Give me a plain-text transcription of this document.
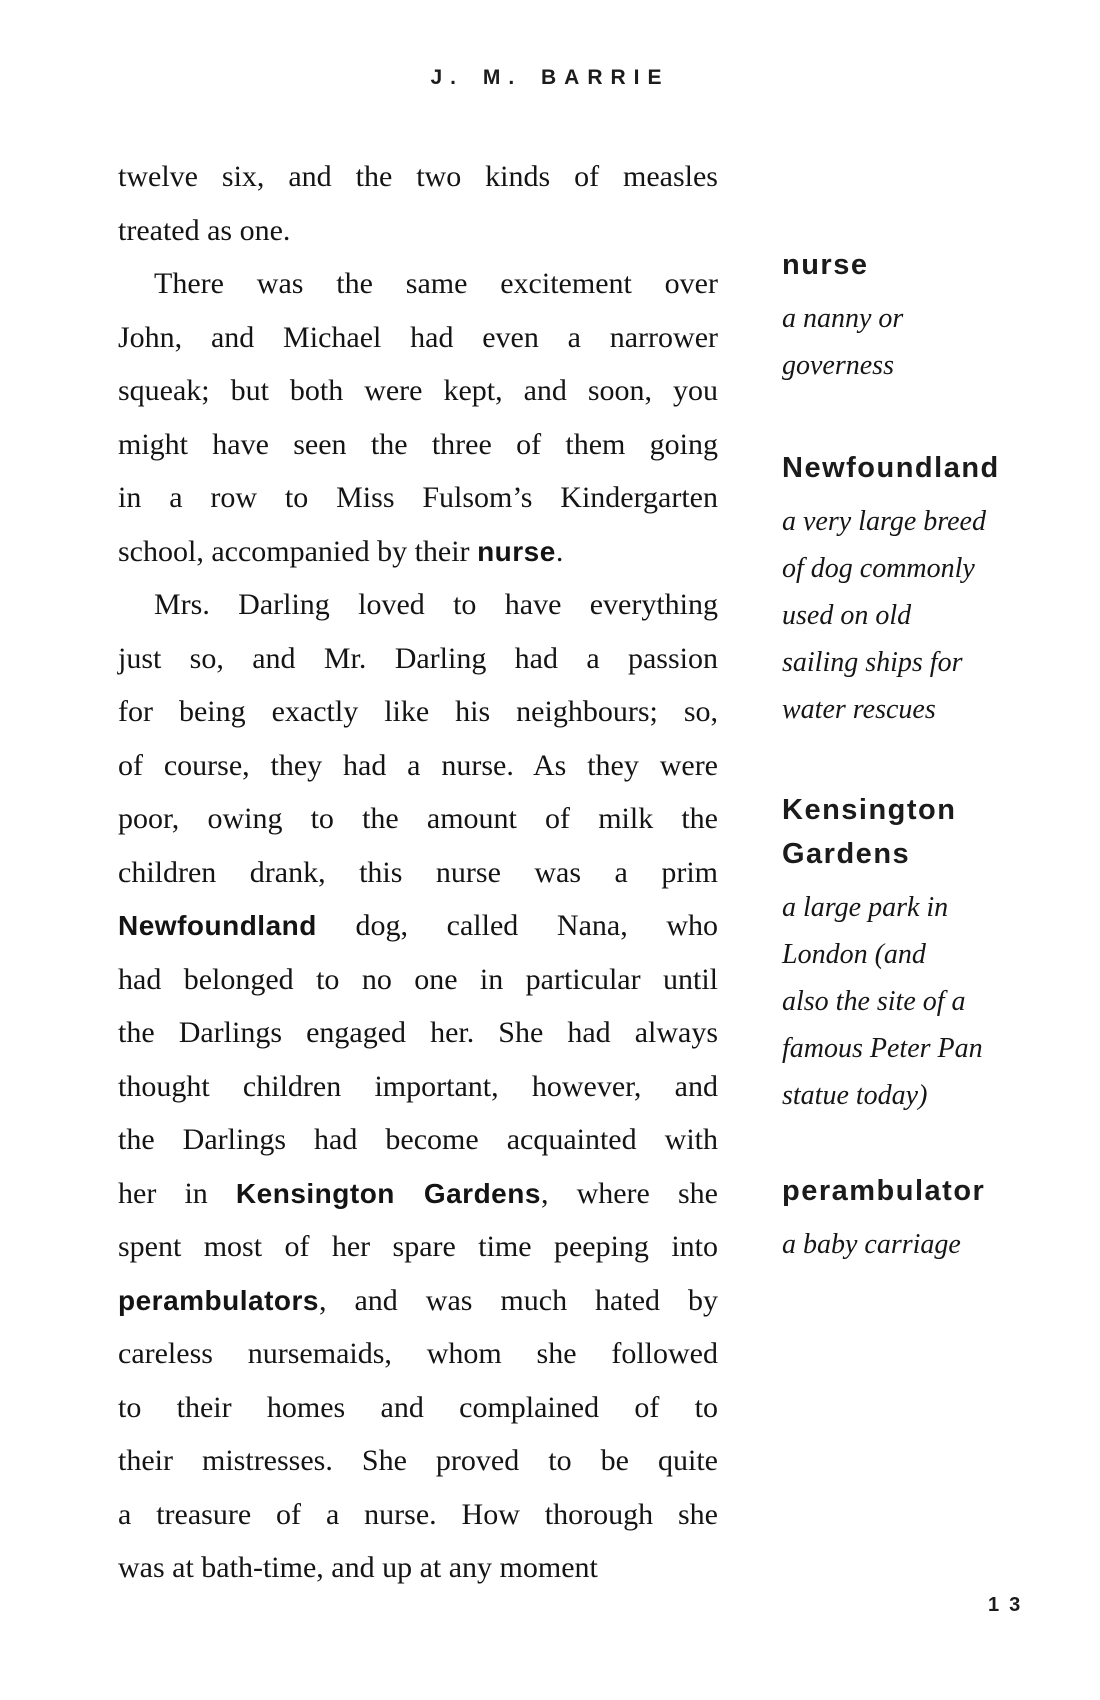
J. M. BARRIE
twelve six, and the two kinds of measles
treated as one.
There was the same excitement over
John, and Michael had even a narrower
squeak; but both were kept, and soon, you
might have seen the three of them going
in a row to Miss Fulsom’s Kindergarten
school, accompanied by their nurse.
Mrs. Darling loved to have everything
just so, and Mr. Darling had a passion
for being exactly like his neighbours; so,
of course, they had a nurse. As they were
poor, owing to the amount of milk the
children drank, this nurse was a prim
Newfoundland dog, called Nana, who
had belonged to no one in particular until
the Darlings engaged her. She had always
thought children important, however, and
the Darlings had become acquainted with
her in Kensington Gardens, where she
spent most of her spare time peeping into
perambulators, and was much hated by
careless nursemaids, whom she followed
to their homes and complained of to
their mistresses. She proved to be quite
a treasure of a nurse. How thorough she
was at bath-time, and up at any moment
nurse
a nanny or
governess
Newfoundland
a very large breed
of dog commonly
used on old
sailing ships for
water rescues
Kensington Gardens
a large park in
London (and
also the site of a
famous Peter Pan
statue today)
perambulator
a baby carriage
13
